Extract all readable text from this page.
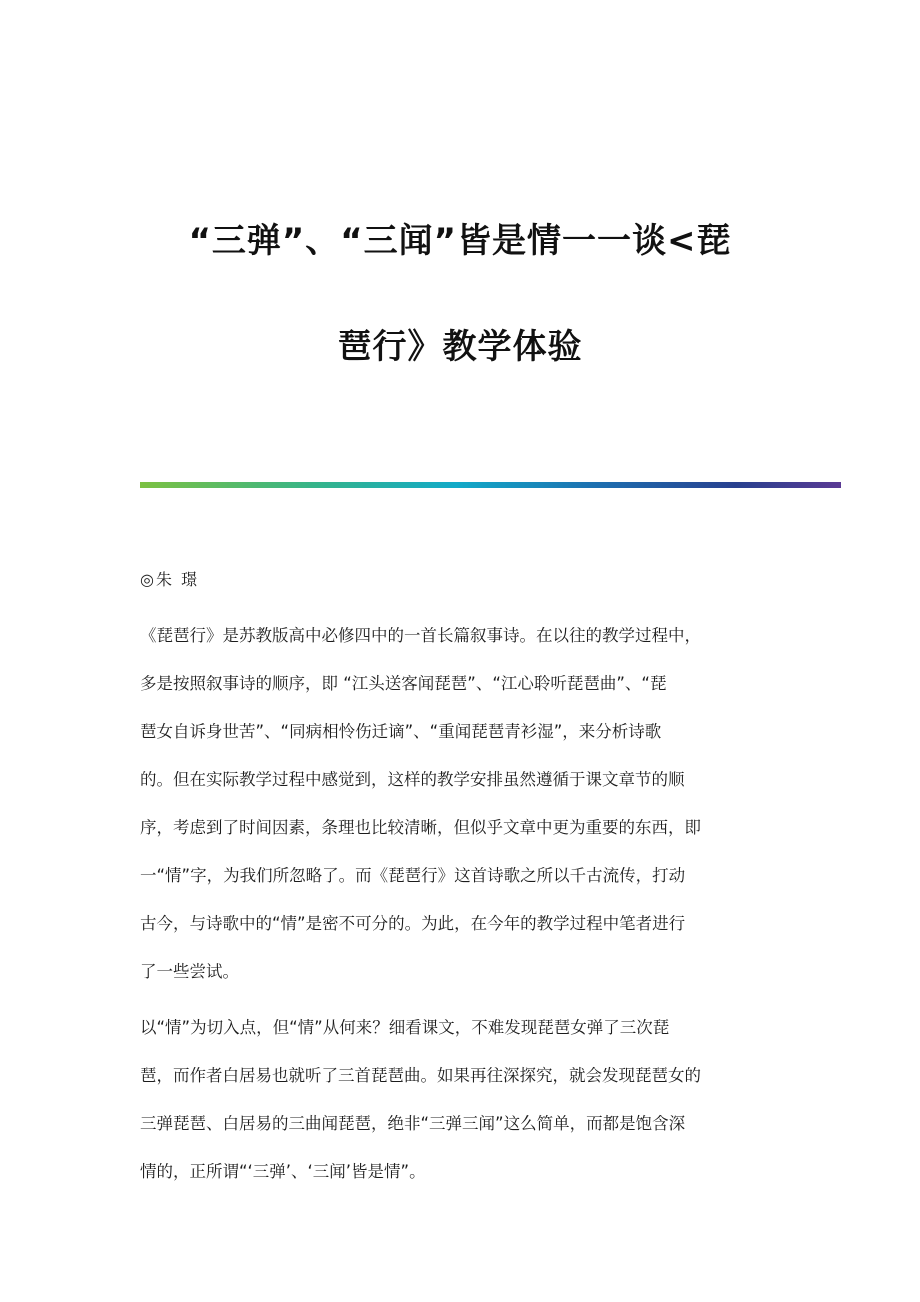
“三弹”、“三闻”皆是情一一谈<琵
琶行》教学体验
◎朱 璟

《琵琶行》是苏教版高中必修四中的一首长篇叙事诗。在以往的教学过程中，
多是按照叙事诗的顺序，即 “江头送客闻琵琶”、“江心聆听琵琶曲”、“琵
琶女自诉身世苦”、“同病相怜伤迁谪”、“重闻琵琶青衫湿”，来分析诗歌
的。但在实际教学过程中感觉到，这样的教学安排虽然遵循于课文章节的顺
序，考虑到了时间因素，条理也比较清晰，但似乎文章中更为重要的东西，即
一“情”字，为我们所忽略了。而《琵琶行》这首诗歌之所以千古流传，打动
古今，与诗歌中的“情”是密不可分的。为此，在今年的教学过程中笔者进行
了一些尝试。

以“情”为切入点，但“情”从何来？细看课文，不难发现琵琶女弹了三次琵
琶，而作者白居易也就听了三首琵琶曲。如果再往深探究，就会发现琵琶女的
三弹琵琶、白居易的三曲闻琵琶，绝非“三弹三闻”这么简单，而都是饱含深
情的，正所谓“‘三弹’、‘三闻’皆是情”。
